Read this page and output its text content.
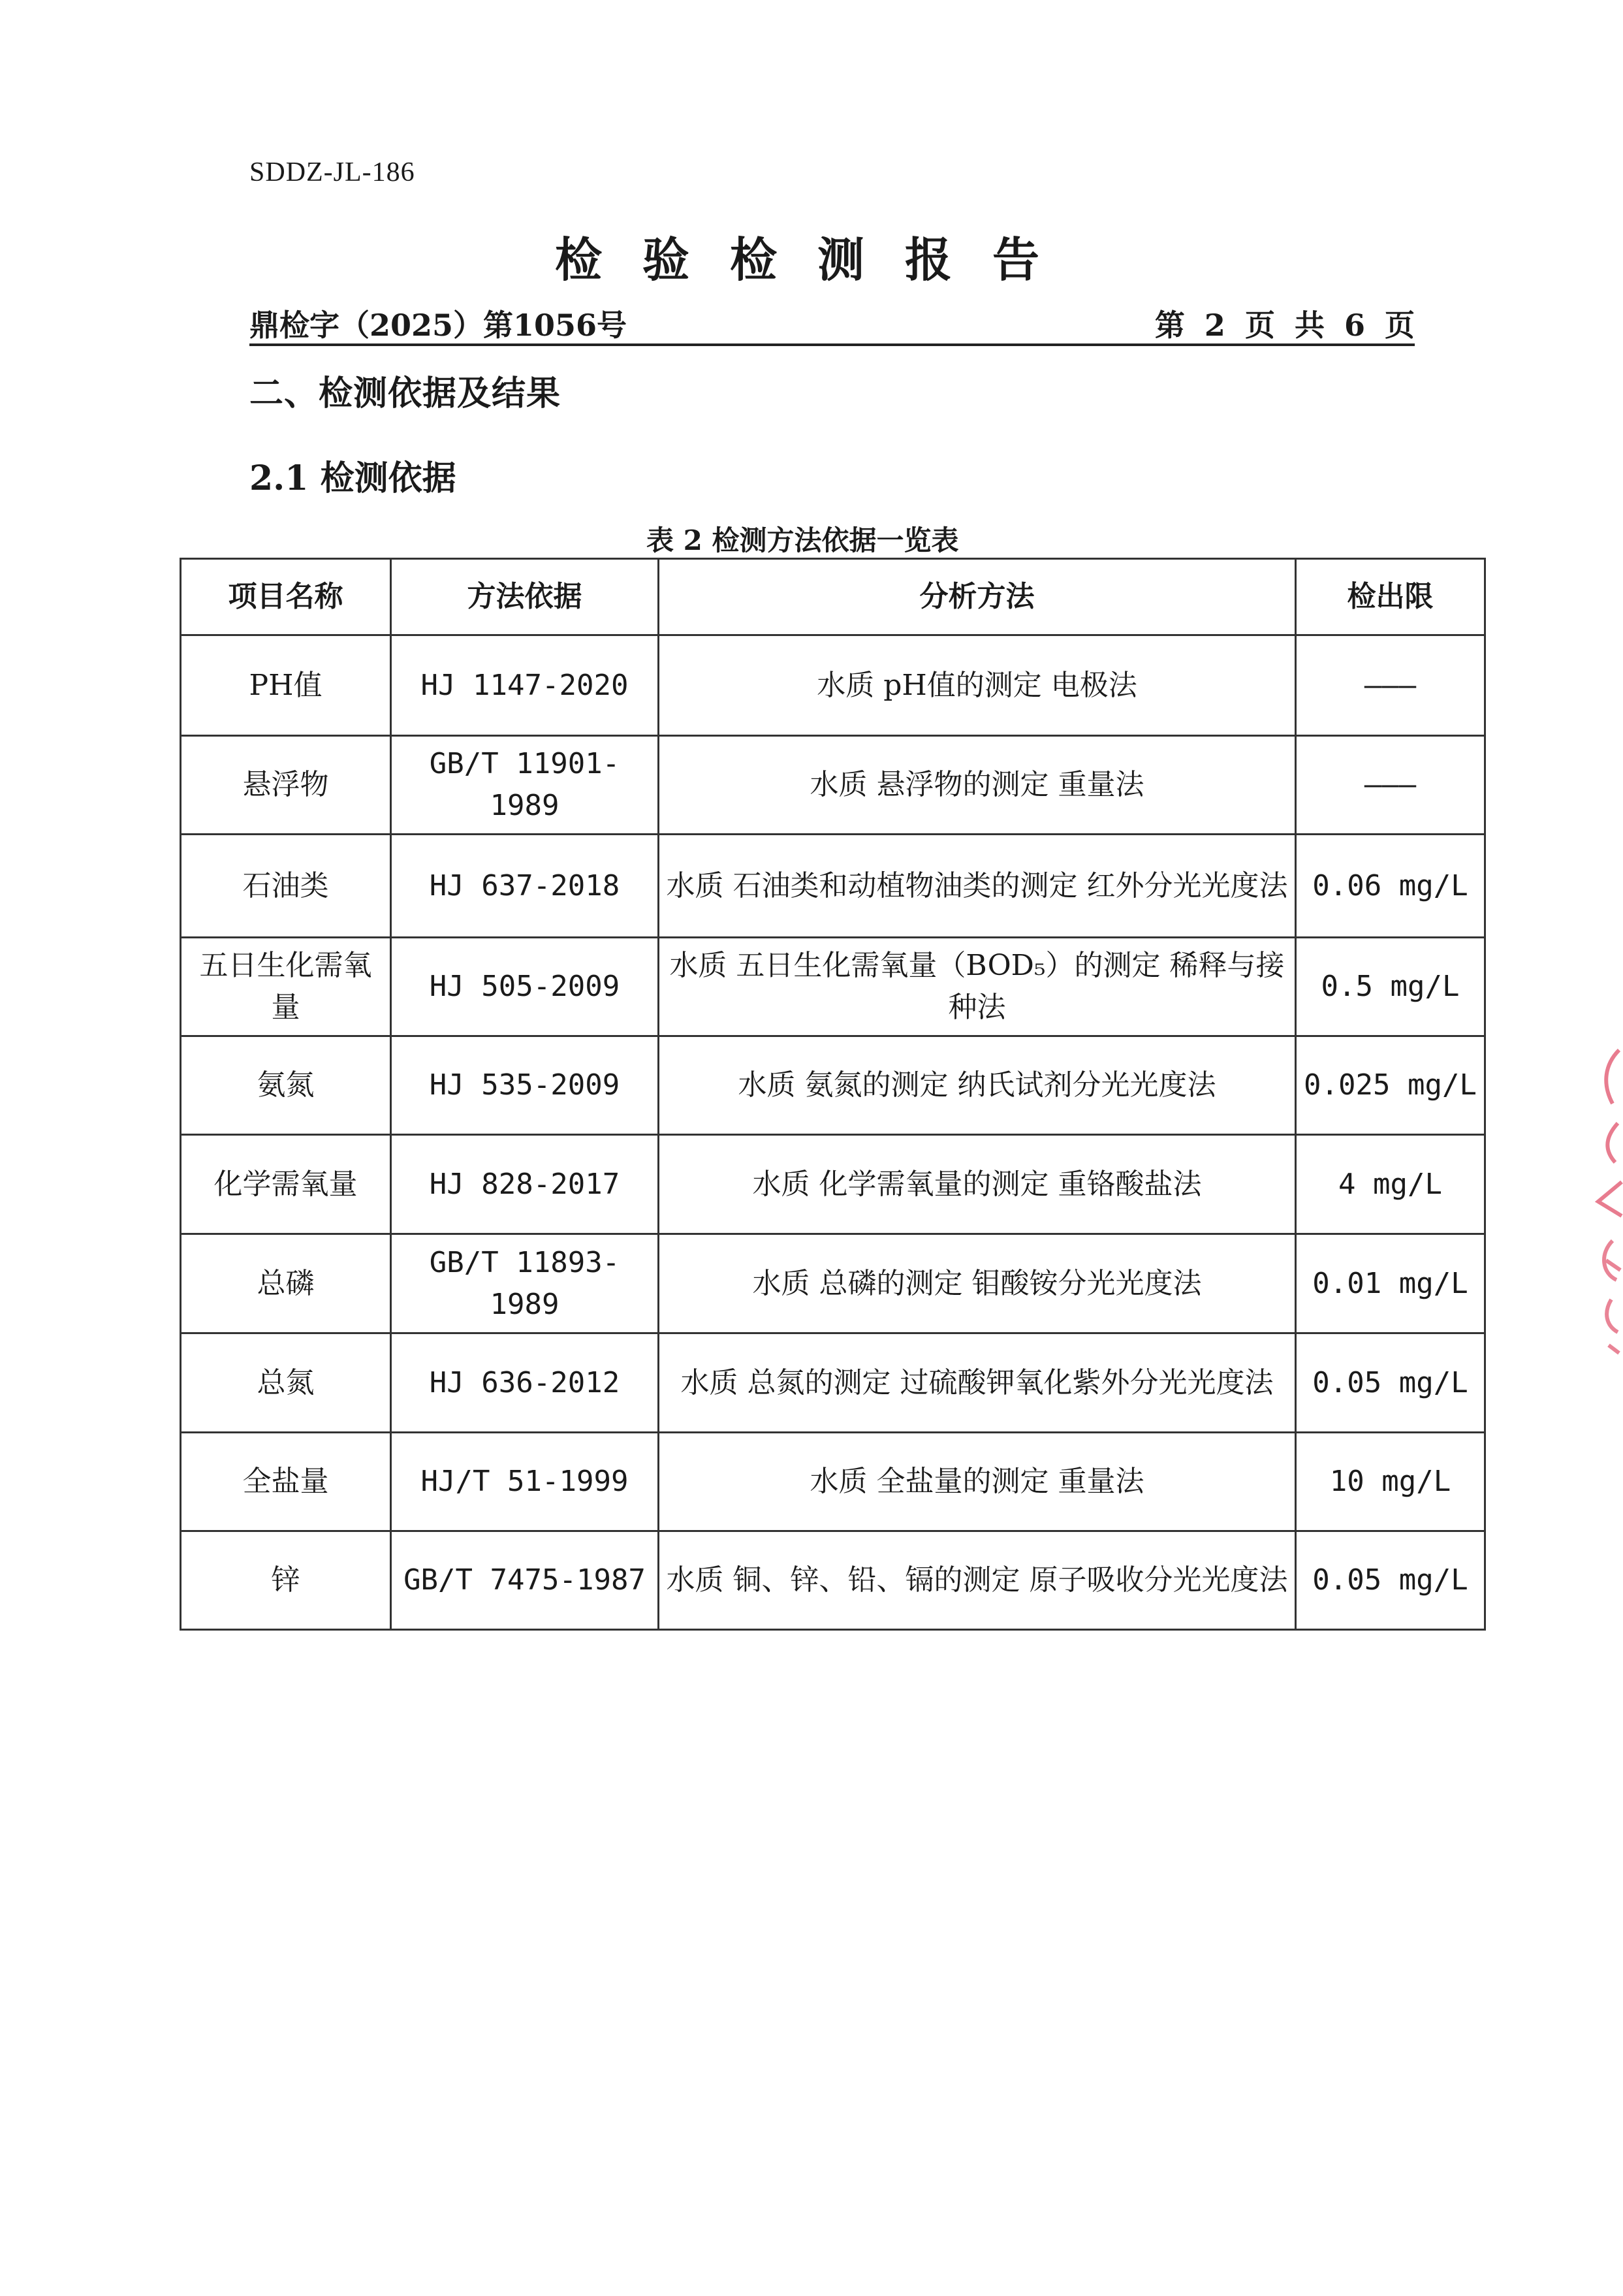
SDDZ-JL-186
检验检测报告
鼎检字（2025）第1056号	第 2 页 共 6 页
二、检测依据及结果
2.1 检测依据
表 2 检测方法依据一览表
项目名称	方法依据	分析方法	检出限
PH值	HJ 1147-2020	水质 pH值的测定 电极法	———
悬浮物	GB/T 11901-1989	水质 悬浮物的测定 重量法	———
石油类	HJ 637-2018	水质 石油类和动植物油类的测定 红外分光光度法	0.06 mg/L
五日生化需氧量	HJ 505-2009	水质 五日生化需氧量（BOD₅）的测定 稀释与接种法	0.5 mg/L
氨氮	HJ 535-2009	水质 氨氮的测定 纳氏试剂分光光度法	0.025 mg/L
化学需氧量	HJ 828-2017	水质 化学需氧量的测定 重铬酸盐法	4 mg/L
总磷	GB/T 11893-1989	水质 总磷的测定 钼酸铵分光光度法	0.01 mg/L
总氮	HJ 636-2012	水质 总氮的测定 过硫酸钾氧化紫外分光光度法	0.05 mg/L
全盐量	HJ/T 51-1999	水质 全盐量的测定 重量法	10 mg/L
锌	GB/T 7475-1987	水质 铜、锌、铅、镉的测定 原子吸收分光光度法	0.05 mg/L
